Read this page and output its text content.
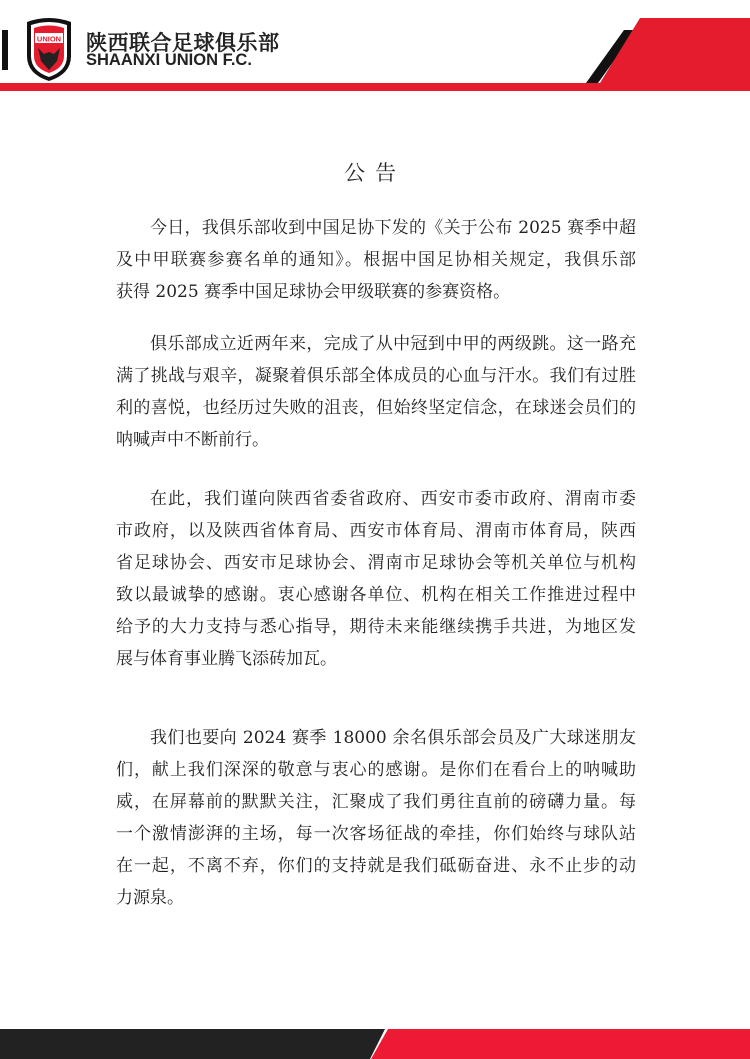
UNION 陕西联合足球俱乐部
SHAANXI UNION F.C.
公告
今日，我俱乐部收到中国足协下发的《关于公布 2025 赛季中超
及中甲联赛参赛名单的通知》。根据中国足协相关规定，我俱乐部
获得 2025 赛季中国足球协会甲级联赛的参赛资格。
俱乐部成立近两年来，完成了从中冠到中甲的两级跳。这一路充
满了挑战与艰辛，凝聚着俱乐部全体成员的心血与汗水。我们有过胜
利的喜悦，也经历过失败的沮丧，但始终坚定信念，在球迷会员们的
呐喊声中不断前行。
在此，我们谨向陕西省委省政府、西安市委市政府、渭南市委
市政府，以及陕西省体育局、西安市体育局、渭南市体育局，陕西
省足球协会、西安市足球协会、渭南市足球协会等机关单位与机构
致以最诚挚的感谢。衷心感谢各单位、机构在相关工作推进过程中
给予的大力支持与悉心指导，期待未来能继续携手共进，为地区发
展与体育事业腾飞添砖加瓦。
我们也要向 2024 赛季 18000 余名俱乐部会员及广大球迷朋友
们，献上我们深深的敬意与衷心的感谢。是你们在看台上的呐喊助
威，在屏幕前的默默关注，汇聚成了我们勇往直前的磅礴力量。每
一个激情澎湃的主场，每一次客场征战的牵挂，你们始终与球队站
在一起，不离不弃，你们的支持就是我们砥砺奋进、永不止步的动
力源泉。
